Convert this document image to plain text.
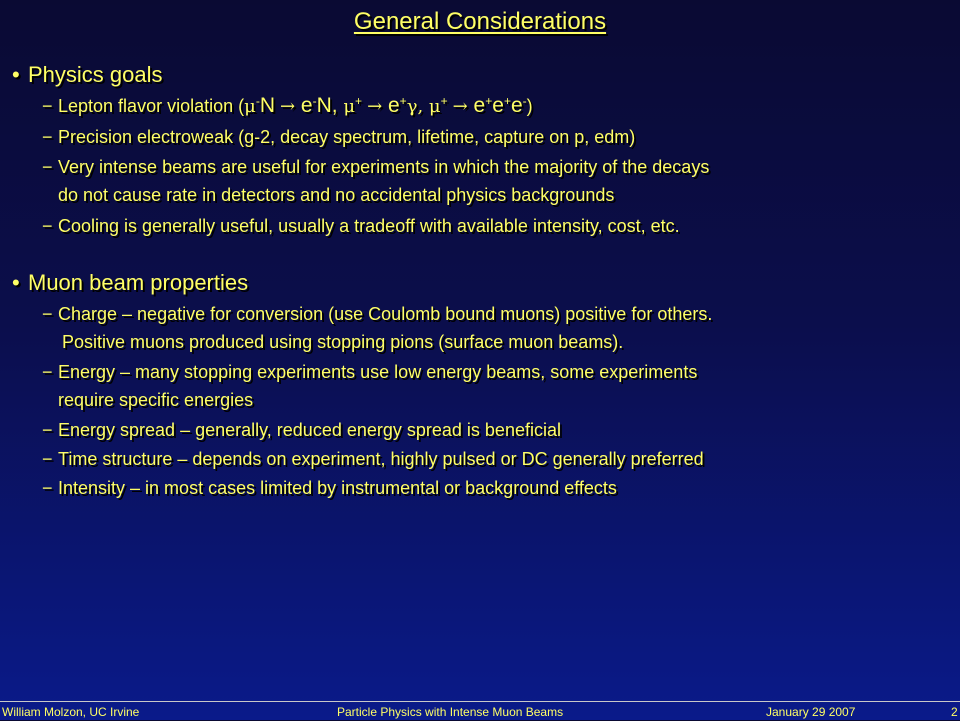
General Considerations
• Physics goals
− Lepton flavor violation (μ-N → e-N, μ+ → e+γ, μ+ → e+e+e-)
− Precision electroweak (g-2, decay spectrum, lifetime, capture on p, edm)
− Very intense beams are useful for experiments in which the majority of the decays
do not cause rate in detectors and no accidental physics backgrounds
− Cooling is generally useful, usually a tradeoff with available intensity, cost, etc.
• Muon beam properties
− Charge – negative for conversion (use Coulomb bound muons) positive for others.
Positive muons produced using stopping pions (surface muon beams).
− Energy – many stopping experiments use low energy beams, some experiments
require specific energies
− Energy spread – generally, reduced energy spread is beneficial
− Time structure – depends on experiment, highly pulsed or DC generally preferred
− Intensity – in most cases limited by instrumental or background effects
William Molzon, UC Irvine	Particle Physics with Intense Muon Beams	January 29 2007	2
